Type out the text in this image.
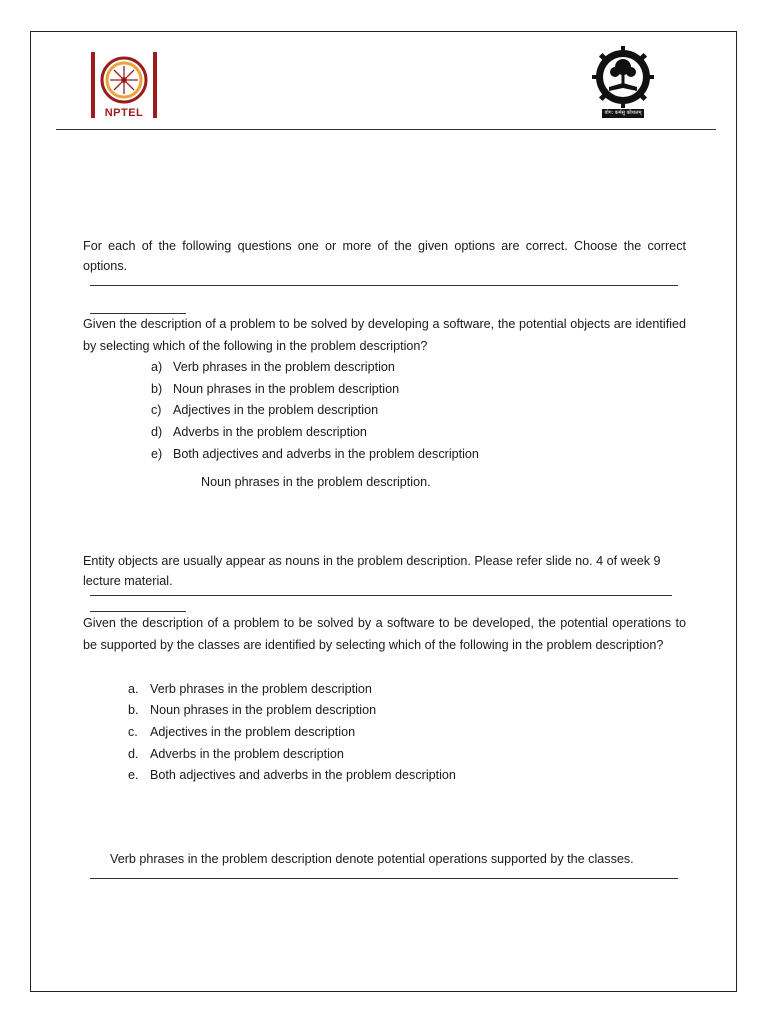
NPTEL	योग: कर्मसु कौशलम्
For each of the following questions one or more of the given options are correct. Choose the correct options.
Given the description of a problem to be solved by developing a software, the potential objects are identified by selecting which of the following in the problem description?
a) Verb phrases in the problem description
b) Noun phrases in the problem description
c) Adjectives in the problem description
d) Adverbs in the problem description
e) Both adjectives and adverbs in the problem description
Noun phrases in the problem description.
Entity objects are usually appear as nouns in the problem description. Please refer slide no. 4 of week 9 lecture material.
Given the description of a problem to be solved by a software to be developed, the potential operations to be supported by the classes are identified by selecting which of the following in the problem description?
a. Verb phrases in the problem description
b. Noun phrases in the problem description
c. Adjectives in the problem description
d. Adverbs in the problem description
e. Both adjectives and adverbs in the problem description
Verb phrases in the problem description denote potential operations supported by the classes.
